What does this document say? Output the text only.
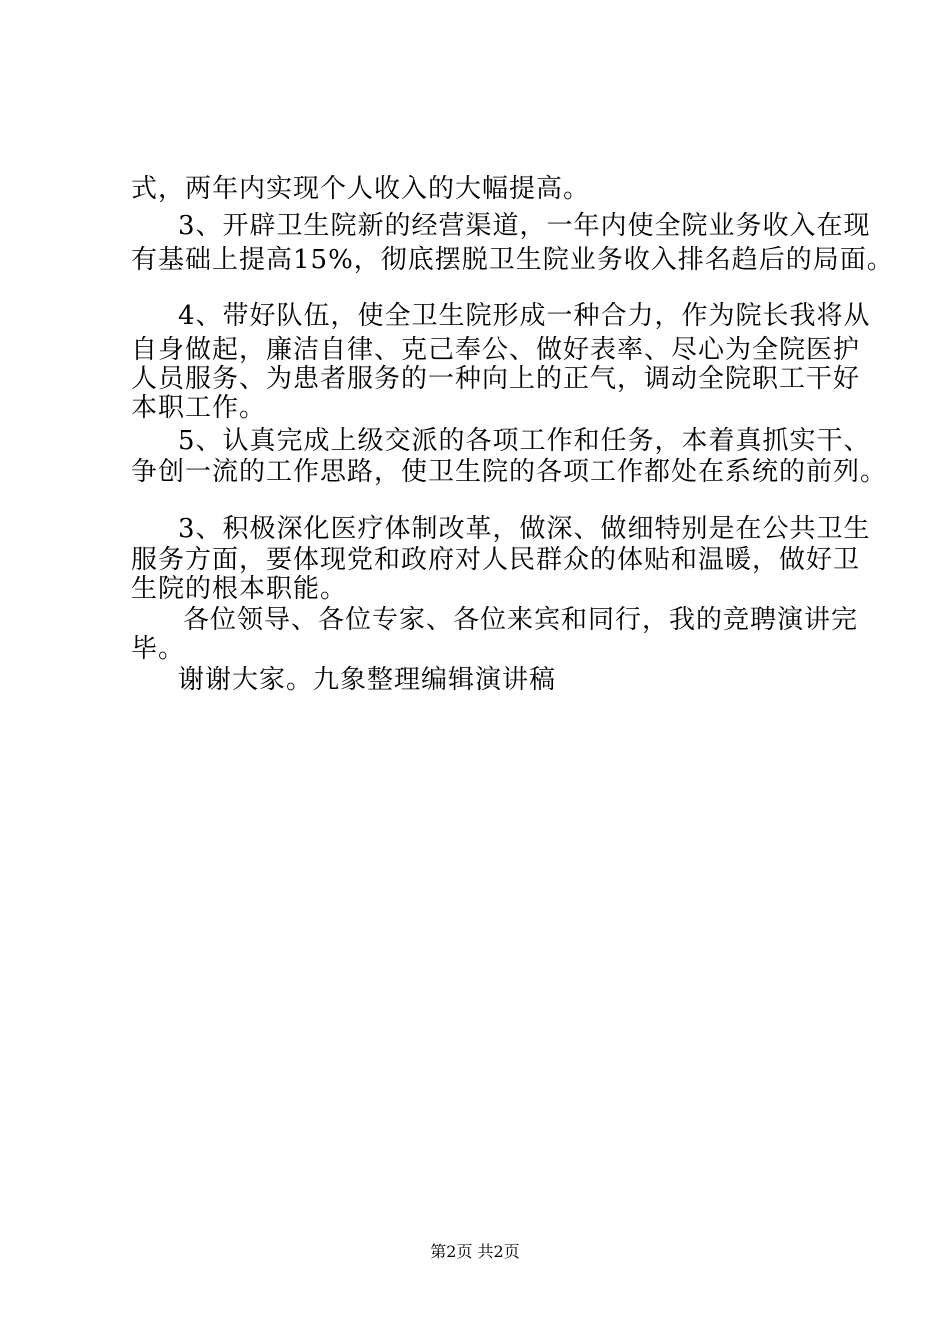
式，两年内实现个人收入的大幅提高。
3、开辟卫生院新的经营渠道，一年内使全院业务收入在现
有基础上提高15%，彻底摆脱卫生院业务收入排名趋后的局面。
4、带好队伍，使全卫生院形成一种合力，作为院长我将从
自身做起，廉洁自律、克己奉公、做好表率、尽心为全院医护
人员服务、为患者服务的一种向上的正气，调动全院职工干好
本职工作。
5、认真完成上级交派的各项工作和任务，本着真抓实干、
争创一流的工作思路，使卫生院的各项工作都处在系统的前列。
3、积极深化医疗体制改革，做深、做细特别是在公共卫生
服务方面，要体现党和政府对人民群众的体贴和温暖，做好卫
生院的根本职能。
各位领导、各位专家、各位来宾和同行，我的竞聘演讲完
毕。
谢谢大家。九象整理编辑演讲稿
第2页 共2页
